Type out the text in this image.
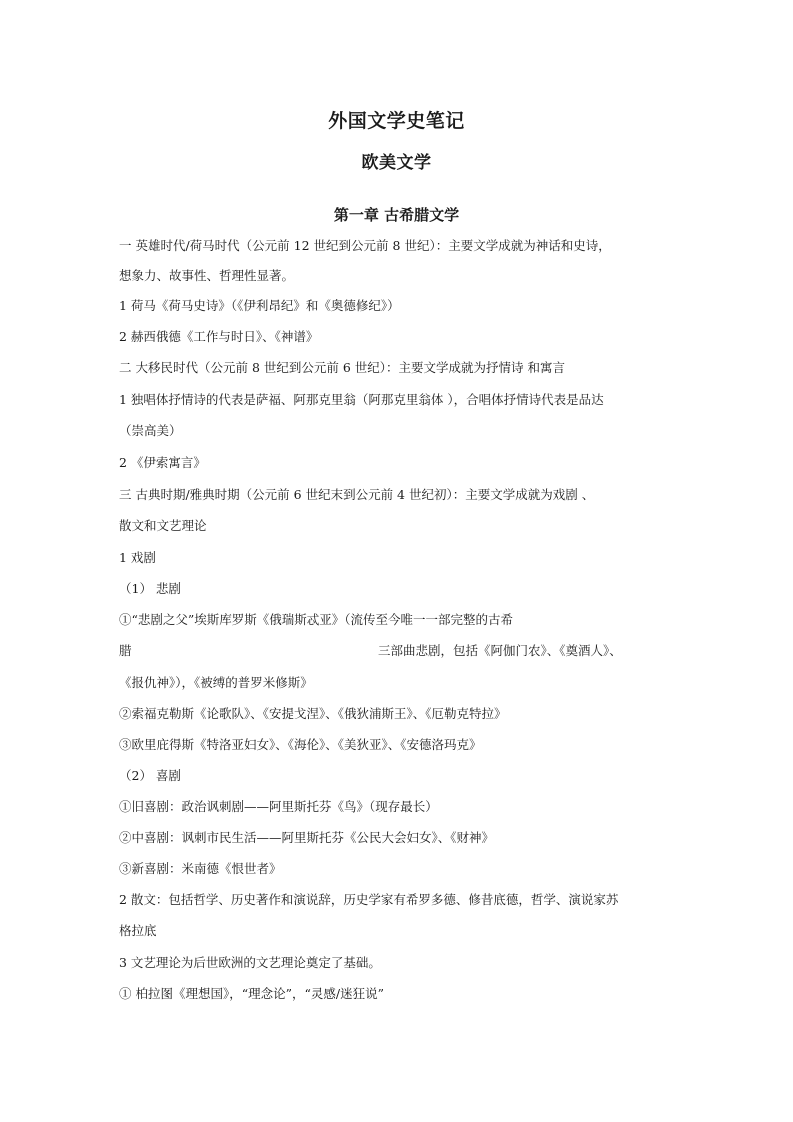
外国文学史笔记
欧美文学
第一章 古希腊文学
一 英雄时代/荷马时代（公元前 12 世纪到公元前 8 世纪）：主要文学成就为神话和史诗，
想象力、故事性、哲理性显著。
1 荷马《荷马史诗》（《伊利昂纪》和《奥德修纪》）
2 赫西俄德《工作与时日》、《神谱》
二 大移民时代（公元前 8 世纪到公元前 6 世纪）：主要文学成就为抒情诗 和寓言
1 独唱体抒情诗的代表是萨福、阿那克里翁（阿那克里翁体 ），合唱体抒情诗代表是品达
（崇高美）
2 《伊索寓言》
三 古典时期/雅典时期（公元前 6 世纪末到公元前 4 世纪初）：主要文学成就为戏剧 、
散文和文艺理论
1 戏剧
（1） 悲剧
①“悲剧之父”埃斯库罗斯《俄瑞斯忒亚》（流传至今唯一一部完整的古希
腊	三部曲悲剧，包括《阿伽门农》、《奠酒人》、
《报仇神》），《被缚的普罗米修斯》
②索福克勒斯《论歌队》、《安提戈涅》、《俄狄浦斯王》、《厄勒克特拉》
③欧里庇得斯《特洛亚妇女》、《海伦》、《美狄亚》、《安德洛玛克》
（2） 喜剧
①旧喜剧：政治讽刺剧——阿里斯托芬《鸟》（现存最长）
②中喜剧：讽刺市民生活——阿里斯托芬《公民大会妇女》、《财神》
③新喜剧：米南德《恨世者》
2 散文：包括哲学、历史著作和演说辞，历史学家有希罗多德、修昔底德，哲学、演说家苏
格拉底
3 文艺理论为后世欧洲的文艺理论奠定了基础。
① 柏拉图《理想国》，“理念论”，“灵感/迷狂说”
